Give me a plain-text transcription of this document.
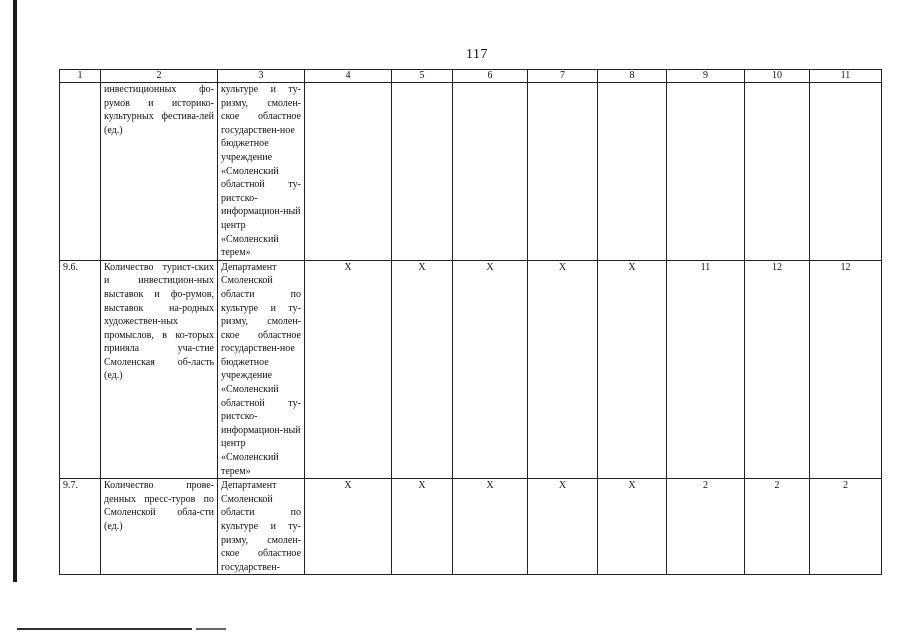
117
1	2	3	4	5	6	7	8	9	10	11
	инвестиционных фо-румов и историко-культурных фестива-лей (ед.)	культуре и ту-ризму, смолен-ское областное государствен-ное бюджетное учреждение «Смоленский областной ту-ристско-информацион-ный центр «Смоленский терем»								
9.6.	Количество турист-ских и инвестицион-ных выставок и фо-румов, выставок на-родных художествен-ных промыслов, в ко-торых приняла уча-стие Смоленская об-ласть (ед.)	Департамент Смоленской области по культуре и ту-ризму, смолен-ское областное государствен-ное бюджетное учреждение «Смоленский областной ту-ристско-информацион-ный центр «Смоленский терем»	X	X	X	X	X	11	12	12
9.7.	Количество прове-денных пресс-туров по Смоленской обла-сти (ед.)	Департамент Смоленской области по культуре и ту-ризму, смолен-ское областное государствен-	X	X	X	X	X	2	2	2
